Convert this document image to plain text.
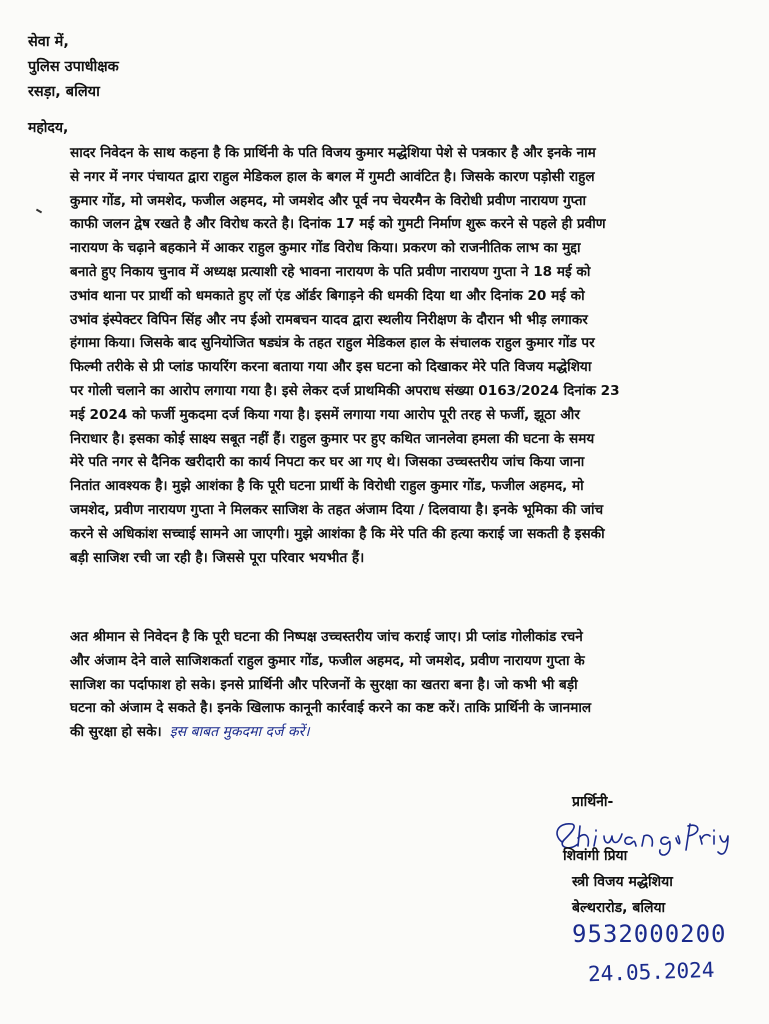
सेवा में,
पुलिस उपाधीक्षक
रसड़ा, बलिया
महोदय,
सादर निवेदन के साथ कहना है कि प्रार्थिनी के पति विजय कुमार मद्धेशिया पेशे से पत्रकार है और इनके नाम
से नगर में नगर पंचायत द्वारा राहुल मेडिकल हाल के बगल में गुमटी आवंटित है। जिसके कारण पड़ोसी राहुल
कुमार गोंड, मो जमशेद, फजील अहमद, मो जमशेद और पूर्व नप चेयरमैन के विरोधी प्रवीण नारायण गुप्ता
काफी जलन द्वेष रखते है और विरोध करते है। दिनांक 17 मई को गुमटी निर्माण शुरू करने से पहले ही प्रवीण
नारायण के चढ़ाने बहकाने में आकर राहुल कुमार गोंड विरोध किया। प्रकरण को राजनीतिक लाभ का मुद्दा
बनाते हुए निकाय चुनाव में अध्यक्ष प्रत्याशी रहे भावना नारायण के पति प्रवीण नारायण गुप्ता ने 18 मई को
उभांव थाना पर प्रार्थी को धमकाते हुए लॉ एंड ऑर्डर बिगाड़ने की धमकी दिया था और दिनांक 20 मई को
उभांव इंस्पेक्टर विपिन सिंह और नप ईओ रामबचन यादव द्वारा स्थलीय निरीक्षण के दौरान भी भीड़ लगाकर
हंगामा किया। जिसके बाद सुनियोजित षड्यंत्र के तहत राहुल मेडिकल हाल के संचालक राहुल कुमार गोंड पर
फिल्मी तरीके से प्री प्लांड फायरिंग करना बताया गया और इस घटना को दिखाकर मेरे पति विजय मद्धेशिया
पर गोली चलाने का आरोप लगाया गया है। इसे लेकर दर्ज प्राथमिकी अपराध संख्या 0163/2024 दिनांक 23
मई 2024 को फर्जी मुकदमा दर्ज किया गया है। इसमें लगाया गया आरोप पूरी तरह से फर्जी, झूठा और
निराधार है। इसका कोई साक्ष्य सबूत नहीं हैं। राहुल कुमार पर हुए कथित जानलेवा हमला की घटना के समय
मेरे पति नगर से दैनिक खरीदारी का कार्य निपटा कर घर आ गए थे। जिसका उच्चस्तरीय जांच किया जाना
नितांत आवश्यक है। मुझे आशंका है कि पूरी घटना प्रार्थी के विरोधी राहुल कुमार गोंड, फजील अहमद, मो
जमशेद, प्रवीण नारायण गुप्ता ने मिलकर साजिश के तहत अंजाम दिया / दिलवाया है। इनके भूमिका की जांच
करने से अधिकांश सच्चाई सामने आ जाएगी। मुझे आशंका है कि मेरे पति की हत्या कराई जा सकती है इसकी
बड़ी साजिश रची जा रही है। जिससे पूरा परिवार भयभीत हैं।
अत श्रीमान से निवेदन है कि पूरी घटना की निष्पक्ष उच्चस्तरीय जांच कराई जाए। प्री प्लांड गोलीकांड रचने
और अंजाम देने वाले साजिशकर्ता राहुल कुमार गोंड, फजील अहमद, मो जमशेद, प्रवीण नारायण गुप्ता के
साजिश का पर्दाफाश हो सके। इनसे प्रार्थिनी और परिजनों के सुरक्षा का खतरा बना है। जो कभी भी बड़ी
घटना को अंजाम दे सकते है। इनके खिलाफ कानूनी कार्रवाई करने का कष्ट करें। ताकि प्रार्थिनी के जानमाल
की सुरक्षा हो सके। इस बाबत मुकदमा दर्ज करें।
प्रार्थिनी-
शिवांगी प्रिया
स्त्री विजय मद्धेशिया
बेल्थरारोड, बलिया
9532000200
24.05.2024
